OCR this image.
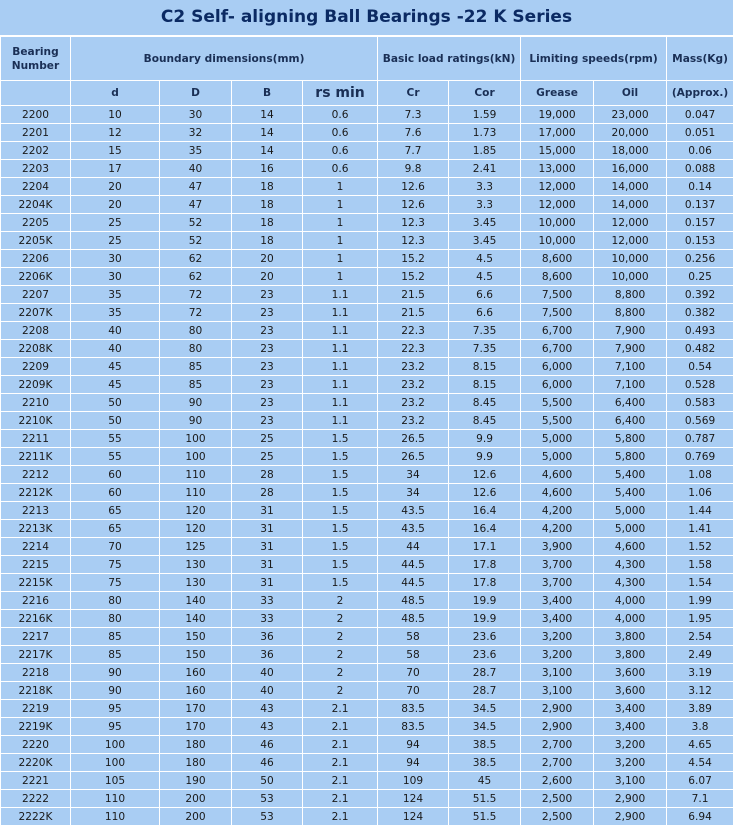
C2 Self- aligning Ball Bearings -22 K Series
Bearing Number	Boundary dimensions(mm)				Basic load ratings(kN)		Limiting speeds(rpm)		Mass(Kg)
	d	D	B	rs min	Cr	Cor	Grease	Oil	(Approx.)
2200	10	30	14	0.6	7.3	1.59	19,000	23,000	0.047
2201	12	32	14	0.6	7.6	1.73	17,000	20,000	0.051
2202	15	35	14	0.6	7.7	1.85	15,000	18,000	0.06
2203	17	40	16	0.6	9.8	2.41	13,000	16,000	0.088
2204	20	47	18	1	12.6	3.3	12,000	14,000	0.14
2204K	20	47	18	1	12.6	3.3	12,000	14,000	0.137
2205	25	52	18	1	12.3	3.45	10,000	12,000	0.157
2205K	25	52	18	1	12.3	3.45	10,000	12,000	0.153
2206	30	62	20	1	15.2	4.5	8,600	10,000	0.256
2206K	30	62	20	1	15.2	4.5	8,600	10,000	0.25
2207	35	72	23	1.1	21.5	6.6	7,500	8,800	0.392
2207K	35	72	23	1.1	21.5	6.6	7,500	8,800	0.382
2208	40	80	23	1.1	22.3	7.35	6,700	7,900	0.493
2208K	40	80	23	1.1	22.3	7.35	6,700	7,900	0.482
2209	45	85	23	1.1	23.2	8.15	6,000	7,100	0.54
2209K	45	85	23	1.1	23.2	8.15	6,000	7,100	0.528
2210	50	90	23	1.1	23.2	8.45	5,500	6,400	0.583
2210K	50	90	23	1.1	23.2	8.45	5,500	6,400	0.569
2211	55	100	25	1.5	26.5	9.9	5,000	5,800	0.787
2211K	55	100	25	1.5	26.5	9.9	5,000	5,800	0.769
2212	60	110	28	1.5	34	12.6	4,600	5,400	1.08
2212K	60	110	28	1.5	34	12.6	4,600	5,400	1.06
2213	65	120	31	1.5	43.5	16.4	4,200	5,000	1.44
2213K	65	120	31	1.5	43.5	16.4	4,200	5,000	1.41
2214	70	125	31	1.5	44	17.1	3,900	4,600	1.52
2215	75	130	31	1.5	44.5	17.8	3,700	4,300	1.58
2215K	75	130	31	1.5	44.5	17.8	3,700	4,300	1.54
2216	80	140	33	2	48.5	19.9	3,400	4,000	1.99
2216K	80	140	33	2	48.5	19.9	3,400	4,000	1.95
2217	85	150	36	2	58	23.6	3,200	3,800	2.54
2217K	85	150	36	2	58	23.6	3,200	3,800	2.49
2218	90	160	40	2	70	28.7	3,100	3,600	3.19
2218K	90	160	40	2	70	28.7	3,100	3,600	3.12
2219	95	170	43	2.1	83.5	34.5	2,900	3,400	3.89
2219K	95	170	43	2.1	83.5	34.5	2,900	3,400	3.8
2220	100	180	46	2.1	94	38.5	2,700	3,200	4.65
2220K	100	180	46	2.1	94	38.5	2,700	3,200	4.54
2221	105	190	50	2.1	109	45	2,600	3,100	6.07
2222	110	200	53	2.1	124	51.5	2,500	2,900	7.1
2222K	110	200	53	2.1	124	51.5	2,500	2,900	6.94
